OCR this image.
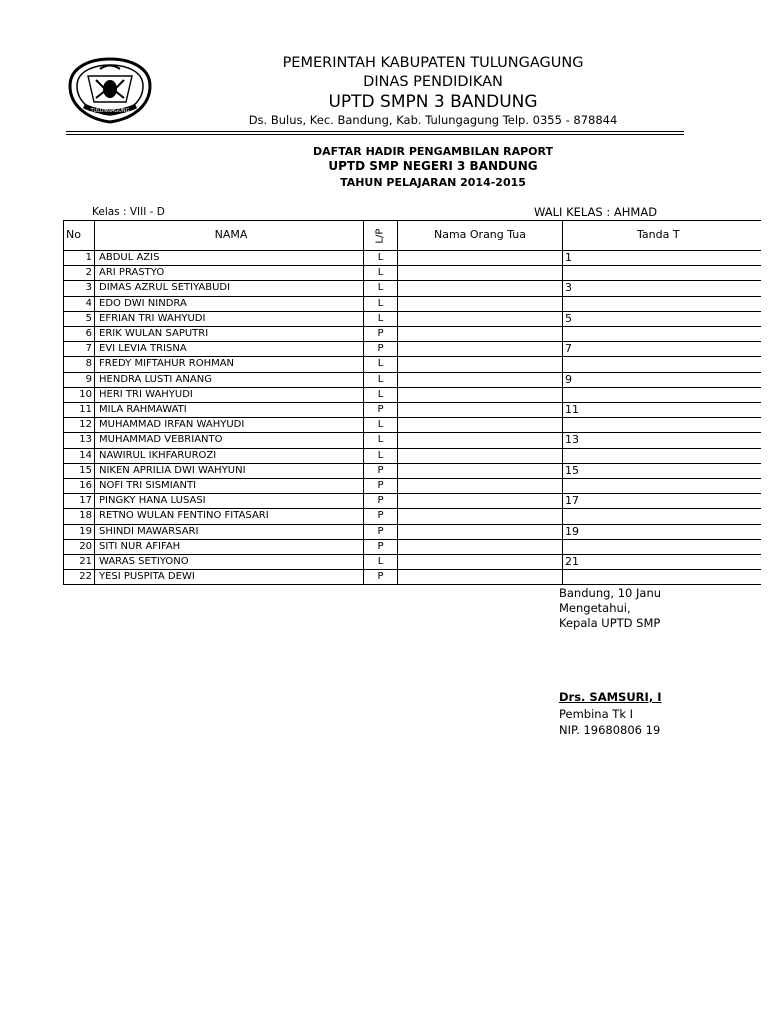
TULUNGAGUNG
PEMERINTAH KABUPATEN TULUNGAGUNG
DINAS PENDIDIKAN
UPTD SMPN 3 BANDUNG
Ds. Bulus, Kec. Bandung, Kab. Tulungagung Telp. 0355 - 878844
DAFTAR HADIR PENGAMBILAN RAPORT
UPTD SMP NEGERI 3 BANDUNG
TAHUN PELAJARAN 2014-2015
Kelas : VIII - D	WALI KELAS : AHMAD
No	NAMA	L/P	Nama Orang Tua	Tanda T
1	ABDUL AZIS	L		1
2	ARI PRASTYO	L		
3	DIMAS AZRUL SETIYABUDI	L		3
4	EDO DWI NINDRA	L		
5	EFRIAN TRI WAHYUDI	L		5
6	ERIK WULAN SAPUTRI	P		
7	EVI LEVIA TRISNA	P		7
8	FREDY MIFTAHUR ROHMAN	L		
9	HENDRA LUSTI ANANG	L		9
10	HERI TRI WAHYUDI	L		
11	MILA RAHMAWATI	P		11
12	MUHAMMAD IRFAN WAHYUDI	L		
13	MUHAMMAD VEBRIANTO	L		13
14	NAWIRUL IKHFARUROZI	L		
15	NIKEN APRILIA DWI WAHYUNI	P		15
16	NOFI TRI SISMIANTI	P		
17	PINGKY HANA LUSASI	P		17
18	RETNO WULAN FENTINO FITASARI	P		
19	SHINDI MAWARSARI	P		19
20	SITI NUR AFIFAH	P		
21	WARAS SETIYONO	L		21
22	YESI PUSPITA DEWI	P		
Bandung, 10 Janu
Mengetahui,
Kepala UPTD SMP
Drs. SAMSURI, I
Pembina Tk I
NIP. 19680806 19
